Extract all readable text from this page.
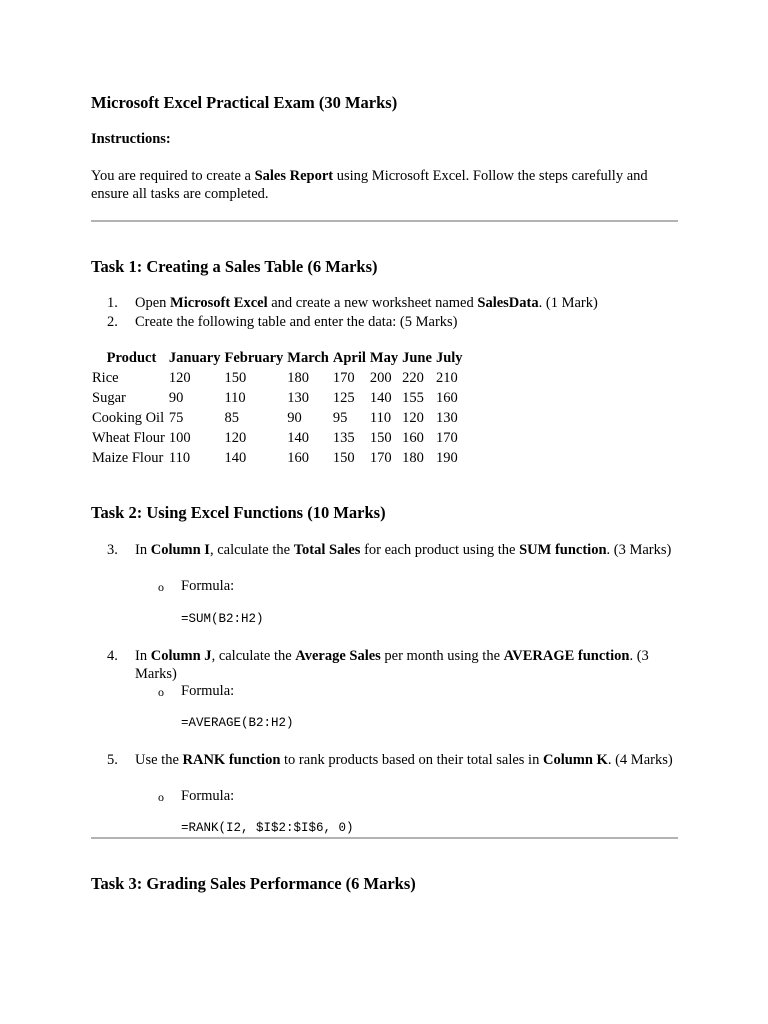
Microsoft Excel Practical Exam (30 Marks)

Instructions:

You are required to create a Sales Report using Microsoft Excel. Follow the steps carefully and ensure all tasks are completed.

Task 1: Creating a Sales Table (6 Marks)
1. Open Microsoft Excel and create a new worksheet named SalesData. (1 Mark)
2. Create the following table and enter the data: (5 Marks)
Product	January	February	March	April	May	June	July
Rice	120	150	180	170	200	220	210
Sugar	90	110	130	125	140	155	160
Cooking Oil	75	85	90	95	110	120	130
Wheat Flour	100	120	140	135	150	160	170
Maize Flour	110	140	160	150	170	180	190
Task 2: Using Excel Functions (10 Marks)
3. In Column I, calculate the Total Sales for each product using the SUM function. (3 Marks)
o Formula:
=SUM(B2:H2)
4. In Column J, calculate the Average Sales per month using the AVERAGE function. (3 Marks)
o Formula:
=AVERAGE(B2:H2)
5. Use the RANK function to rank products based on their total sales in Column K. (4 Marks)
o Formula:
=RANK(I2, $I$2:$I$6, 0)
Task 3: Grading Sales Performance (6 Marks)
